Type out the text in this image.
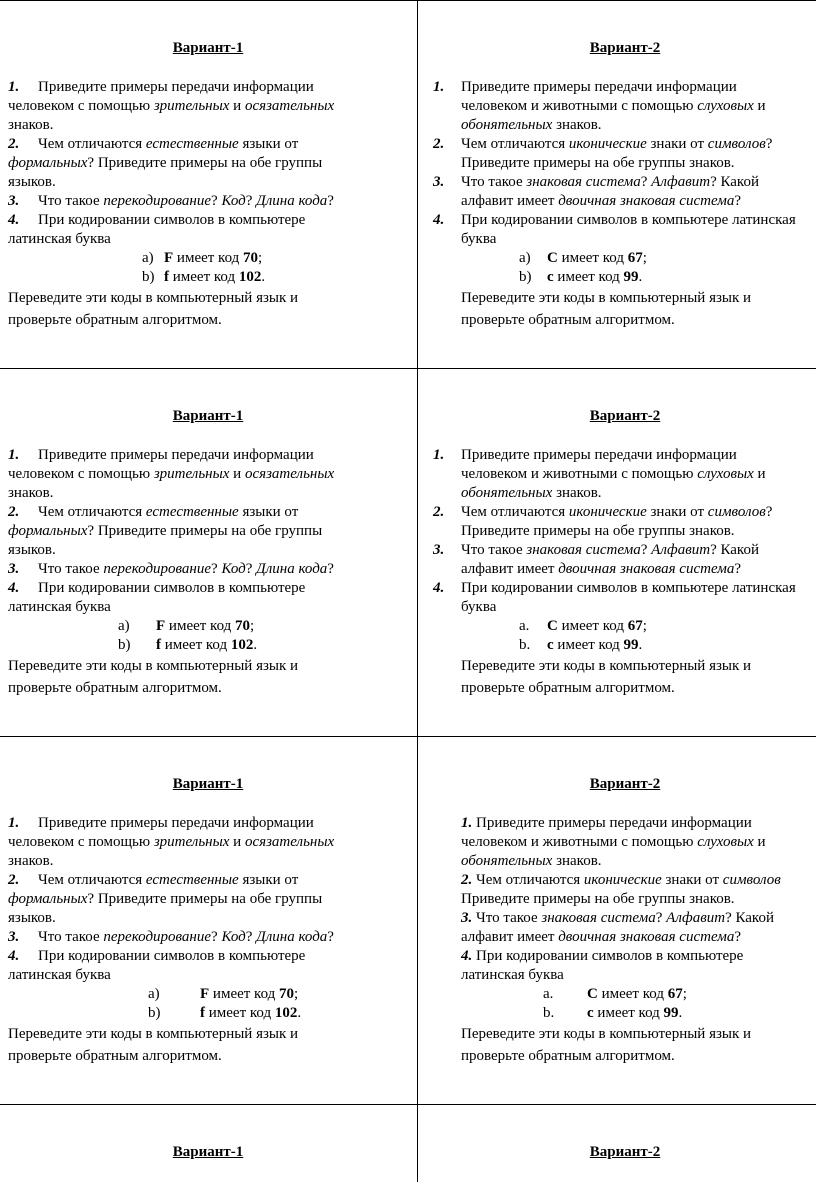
Вариант-1

1. Приведите примеры передачи информации

человеком с помощью зрительных и осязательных

знаков.

2. Чем отличаются естественные языки от

формальных? Приведите примеры на обе группы

языков.

3. Что такое перекодирование? Код? Длина кода?

4. При кодировании символов в компьютере

латинская буква

a) F имеет код 70;

b) f имеет код 102.

Переведите эти коды в компьютерный язык и

проверьте обратным алгоритмом.

Вариант-2

1. Приведите примеры передачи информации

человеком и животными с помощью слуховых и

обонятельных знаков.

2. Чем отличаются иконические знаки от символов?

Приведите примеры на обе группы знаков.

3. Что такое знаковая система? Алфавит? Какой

алфавит имеет двоичная знаковая система?

4. При кодировании символов в компьютере латинская

буква

a) C имеет код 67;

b) c имеет код 99.

Переведите эти коды в компьютерный язык и

проверьте обратным алгоритмом.

Вариант-1

1. Приведите примеры передачи информации

человеком с помощью зрительных и осязательных

знаков.

2. Чем отличаются естественные языки от

формальных? Приведите примеры на обе группы

языков.

3. Что такое перекодирование? Код? Длина кода?

4. При кодировании символов в компьютере

латинская буква

a) F имеет код 70;

b) f имеет код 102.

Переведите эти коды в компьютерный язык и

проверьте обратным алгоритмом.

Вариант-2

1. Приведите примеры передачи информации

человеком и животными с помощью слуховых и

обонятельных знаков.

2. Чем отличаются иконические знаки от символов?

Приведите примеры на обе группы знаков.

3. Что такое знаковая система? Алфавит? Какой

алфавит имеет двоичная знаковая система?

4. При кодировании символов в компьютере латинская

буква

a. C имеет код 67;

b. c имеет код 99.

Переведите эти коды в компьютерный язык и

проверьте обратным алгоритмом.

Вариант-1

1. Приведите примеры передачи информации

человеком с помощью зрительных и осязательных

знаков.

2. Чем отличаются естественные языки от

формальных? Приведите примеры на обе группы

языков.

3. Что такое перекодирование? Код? Длина кода?

4. При кодировании символов в компьютере

латинская буква

a)	F имеет код 70;

b)	f имеет код 102.

Переведите эти коды в компьютерный язык и

проверьте обратным алгоритмом.

Вариант-2

1. Приведите примеры передачи информации

человеком и животными с помощью слуховых и

обонятельных знаков.

2. Чем отличаются иконические знаки от символов

Приведите примеры на обе группы знаков.

3. Что такое знаковая система? Алфавит? Какой

алфавит имеет двоичная знаковая система?

4. При кодировании символов в компьютере

латинская буква

a. C имеет код 67;

b. c имеет код 99.

Переведите эти коды в компьютерный язык и

проверьте обратным алгоритмом.

Вариант-1	Вариант-2
